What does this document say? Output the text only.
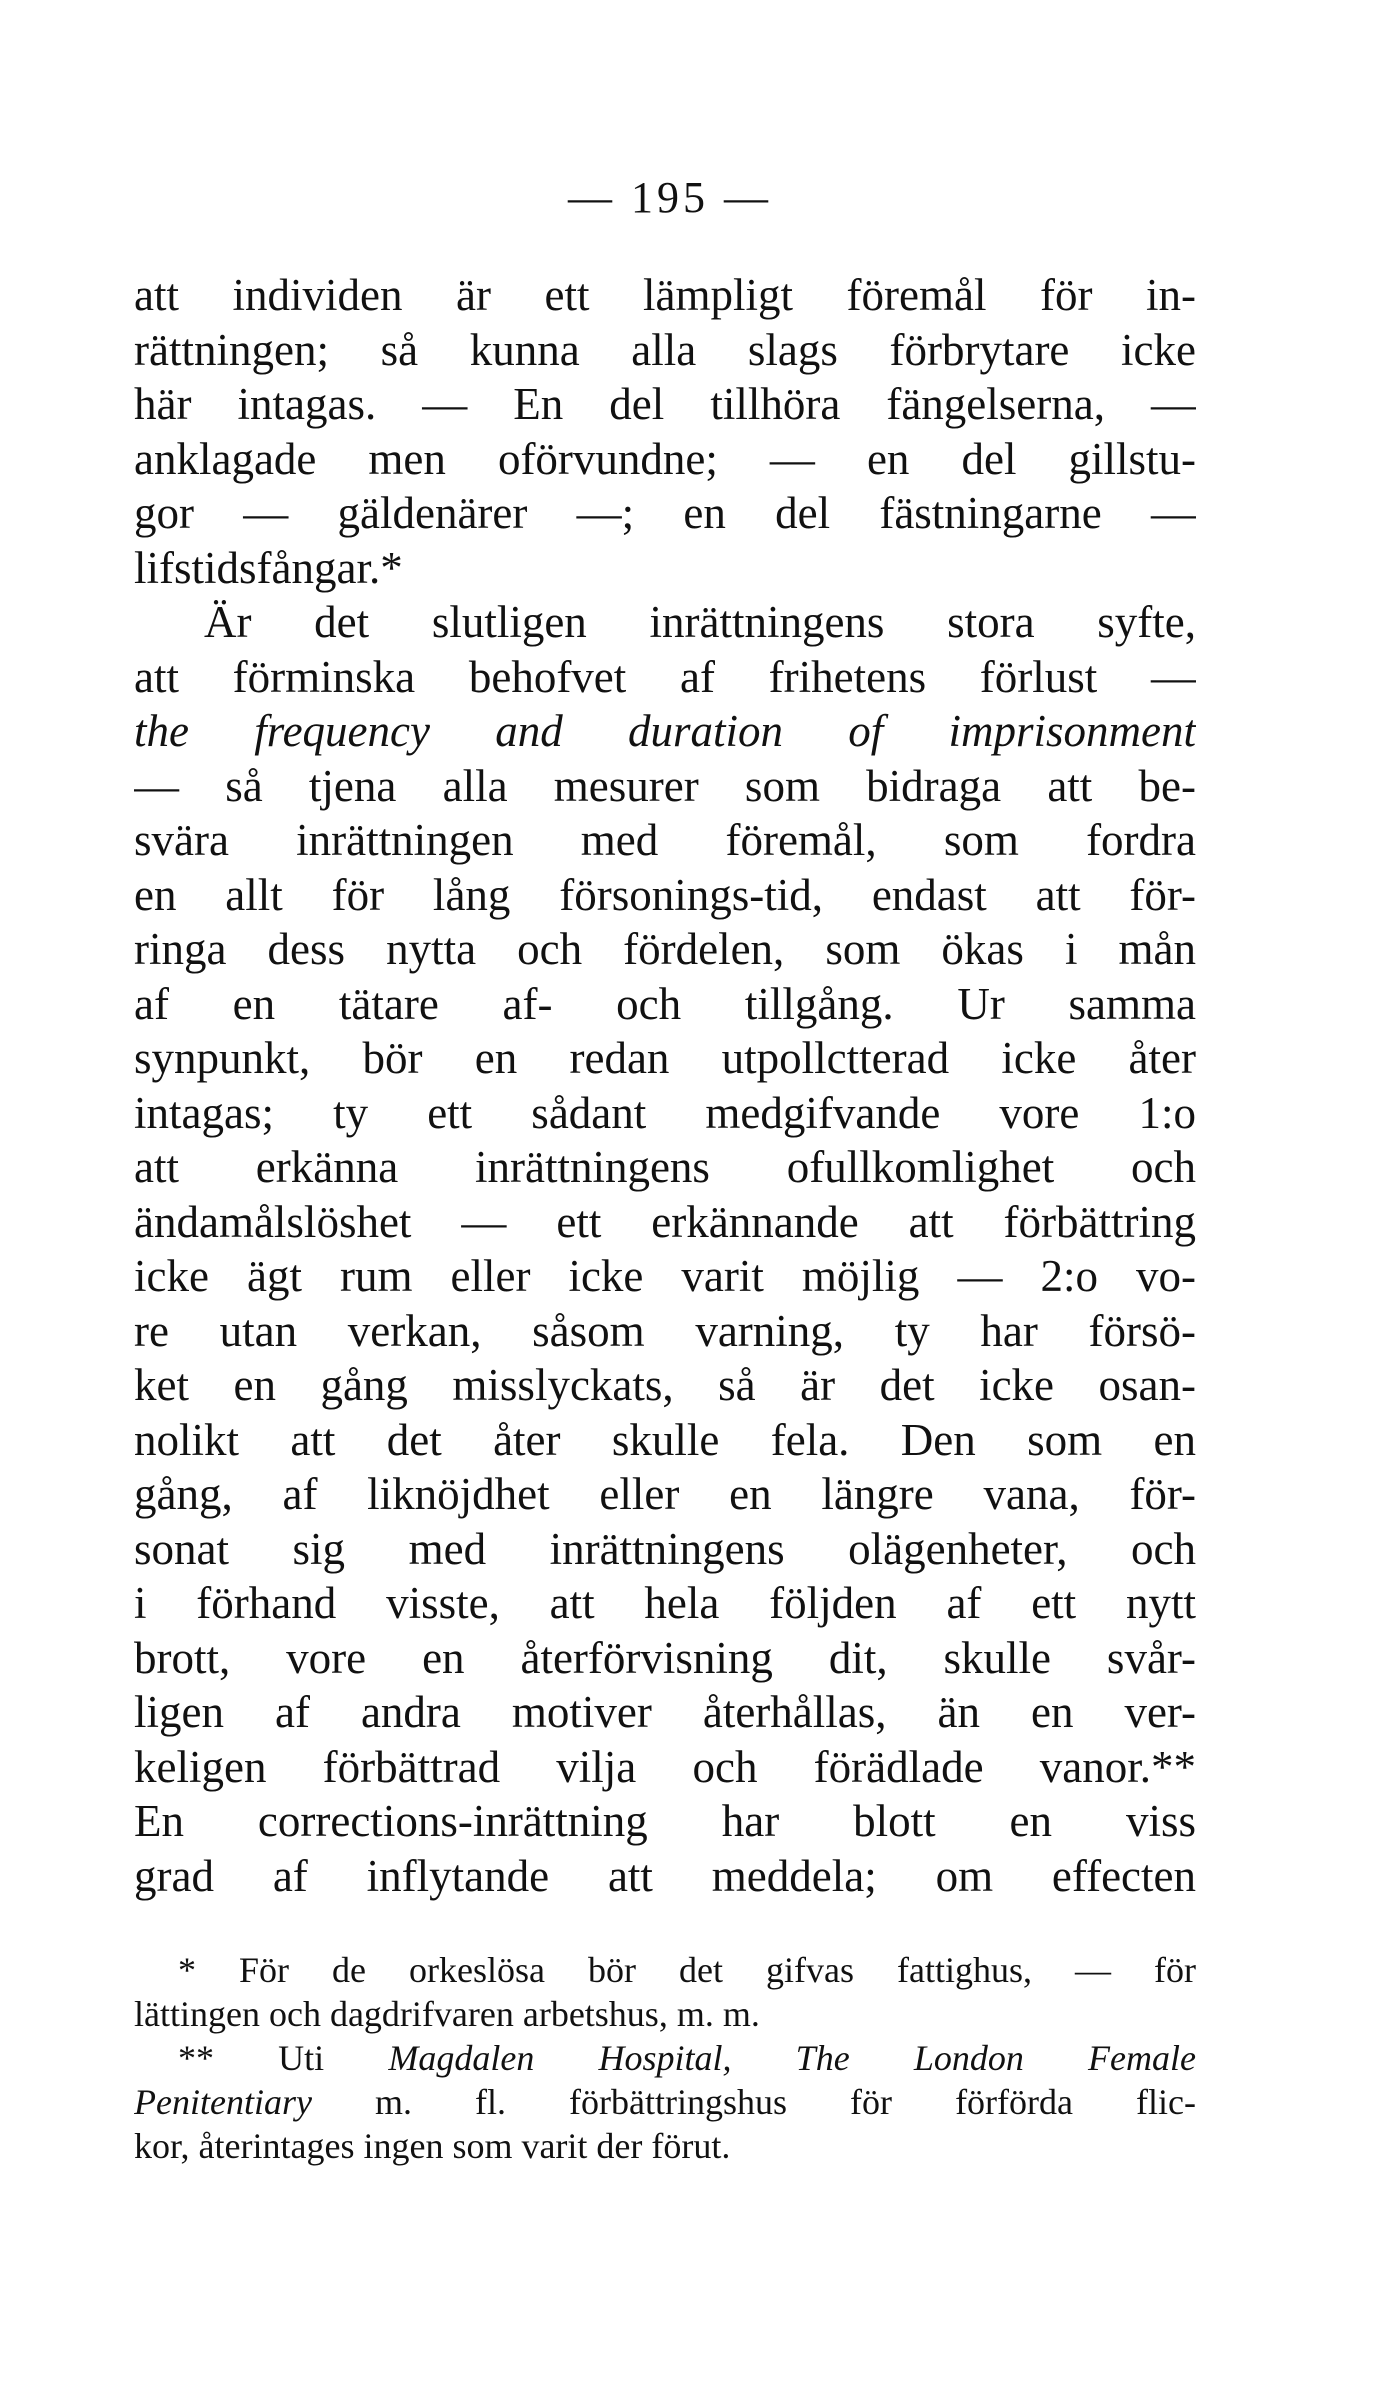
— 195 —
att individen är ett lämpligt föremål för in-
rättningen; så kunna alla slags förbrytare icke
här intagas. — En del tillhöra fängelserna, —
anklagade men oförvundne; — en del gillstu-
gor — gäldenärer —; en del fästningarne —
lifstidsfångar.*
Är det slutligen inrättningens stora syfte,
att förminska behofvet af frihetens förlust —
the frequency and duration of imprisonment
— så tjena alla mesurer som bidraga att be-
svära inrättningen med föremål, som fordra
en allt för lång försonings-tid, endast att för-
ringa dess nytta och fördelen, som ökas i mån
af en tätare af- och tillgång. Ur samma
synpunkt, bör en redan utpollctterad icke åter
intagas; ty ett sådant medgifvande vore 1:o
att erkänna inrättningens ofullkomlighet och
ändamålslöshet — ett erkännande att förbättring
icke ägt rum eller icke varit möjlig — 2:o vo-
re utan verkan, såsom varning, ty har försö-
ket en gång misslyckats, så är det icke osan-
nolikt att det åter skulle fela. Den som en
gång, af liknöjdhet eller en längre vana, för-
sonat sig med inrättningens olägenheter, och
i förhand visste, att hela följden af ett nytt
brott, vore en återförvisning dit, skulle svår-
ligen af andra motiver återhållas, än en ver-
keligen förbättrad vilja och förädlade vanor.**
En corrections-inrättning har blott en viss
grad af inflytande att meddela; om effecten
* För de orkeslösa bör det gifvas fattighus, — för
lättingen och dagdrifvaren arbetshus, m. m.
** Uti Magdalen Hospital, The London Female
Penitentiary m. fl. förbättringshus för förförda flic-
kor, återintages ingen som varit der förut.
